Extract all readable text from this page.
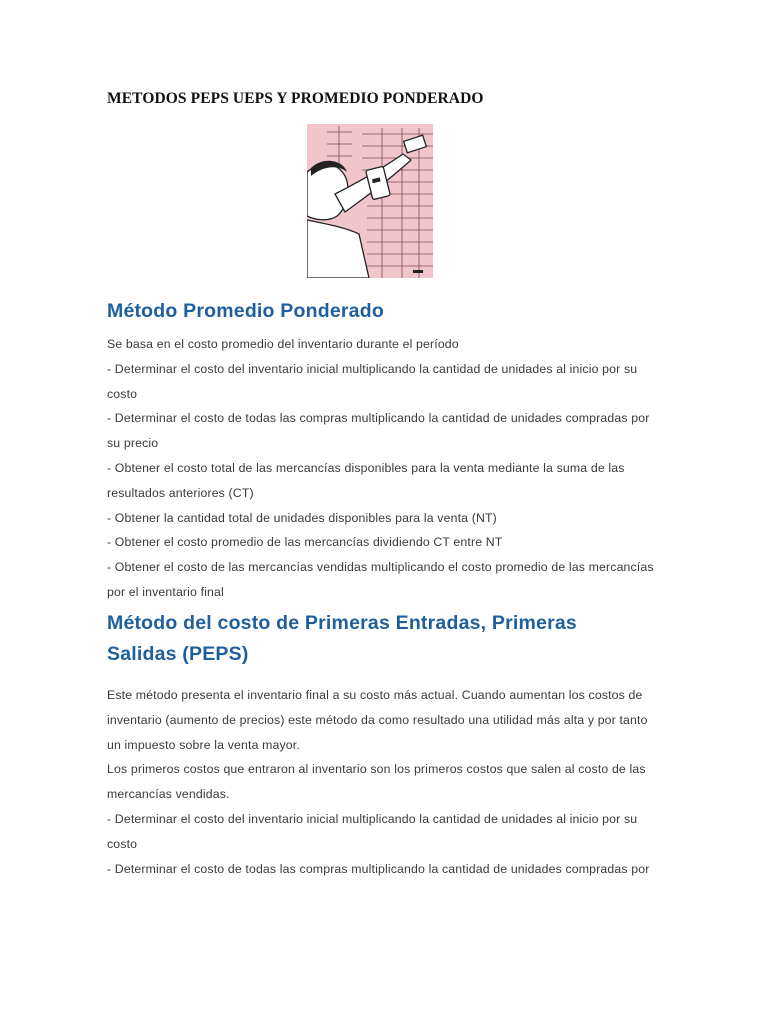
METODOS PEPS UEPS Y PROMEDIO PONDERADO
Método Promedio Ponderado

Se basa en el costo promedio del inventario durante el período

- Determinar el costo del inventario inicial multiplicando la cantidad de unidades al inicio por su costo

- Determinar el costo de todas las compras multiplicando la cantidad de unidades compradas por su precio

- Obtener el costo total de las mercancías disponibles para la venta mediante la suma de las resultados anteriores (CT)

- Obtener la cantidad total de unidades disponibles para la venta (NT)

- Obtener el costo promedio de las mercancías dividiendo CT entre NT

- Obtener el costo de las mercancías vendidas multiplicando el costo promedio de las mercancías por el inventario final

Método del costo de Primeras Entradas, Primeras Salidas (PEPS)

Este método presenta el inventario final a su costo más actual. Cuando aumentan los costos de inventario (aumento de precios) este método da como resultado una utilidad más alta y por tanto un impuesto sobre la venta mayor.

Los primeros costos que entraron al inventario son los primeros costos que salen al costo de las mercancías vendidas.

- Determinar el costo del inventario inicial multiplicando la cantidad de unidades al inicio por su costo

- Determinar el costo de todas las compras multiplicando la cantidad de unidades compradas por
